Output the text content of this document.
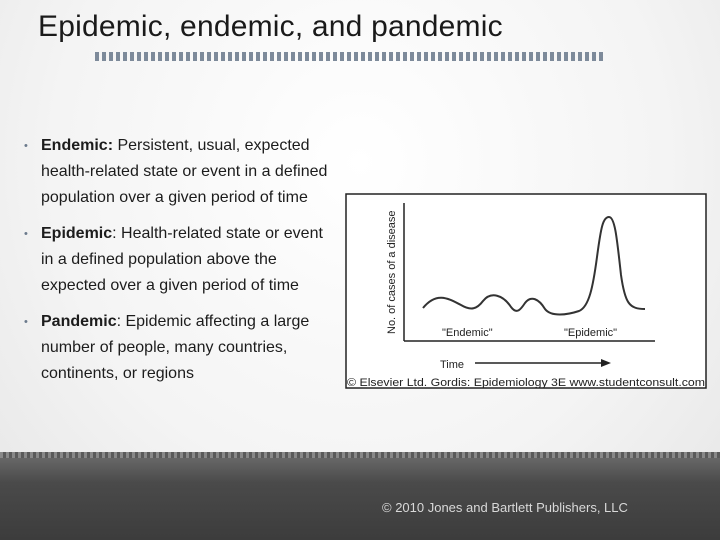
Epidemic, endemic, and pandemic
• Endemic: Persistent, usual, expected health-related state or event in a defined population over a given period of time
• Epidemic: Health-related state or event in a defined population above the expected over a given period of time
• Pandemic: Epidemic affecting a large number of people, many countries, continents, or regions
No. of cases of a disease	"Endemic"	"Epidemic"
Time
© Elsevier Ltd. Gordis: Epidemiology 3E www.studentconsult.com
© 2010 Jones and Bartlett Publishers, LLC
